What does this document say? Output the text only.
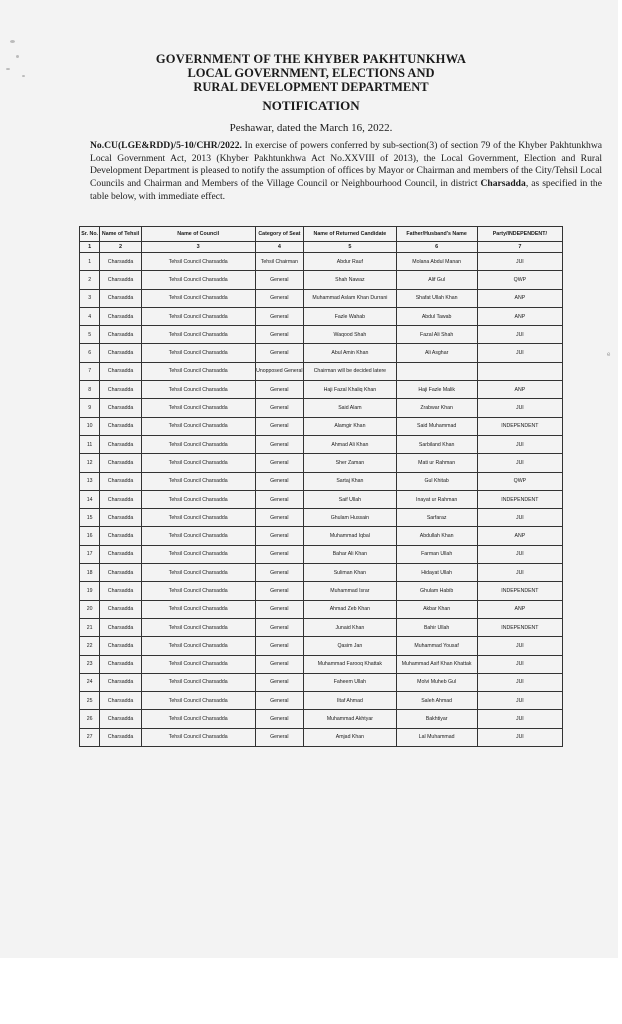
GOVERNMENT OF THE KHYBER PAKHTUNKHWA
LOCAL GOVERNMENT, ELECTIONS AND
RURAL DEVELOPMENT DEPARTMENT
NOTIFICATION
Peshawar, dated the March 16, 2022.
No.CU(LGE&RDD)/5-10/CHR/2022. In exercise of powers conferred by sub-section(3) of section 79 of the Khyber Pakhtunkhwa Local Government Act, 2013 (Khyber Pakhtunkhwa Act No.XXVIII of 2013), the Local Government, Election and Rural Development Department is pleased to notify the assumption of offices by Mayor or Chairman and members of the City/Tehsil Local Councils and Chairman and Members of the Village Council or Neighbourhood Council, in district Charsadda, as specified in the table below, with immediate effect.
Sr. No.	Name of Tehsil	Name of Council	Category of Seat	Name of Returned Candidate	Father/Husband's Name	Party/INDEPENDENT/
1	2	3	4	5	6	7
1	Charsadda	Tehsil Council Charsadda	Tehsil Chairman	Abdur Rauf	Molana Abdul Manan	JUI
2	Charsadda	Tehsil Council Charsadda	General	Shah Nawaz	Alif Gul	QWP
3	Charsadda	Tehsil Council Charsadda	General	Muhammad Aslam Khan Durrani	Shafat Ullah Khan	ANP
4	Charsadda	Tehsil Council Charsadda	General	Fazle Wahab	Abdul Tawab	ANP
5	Charsadda	Tehsil Council Charsadda	General	Waqood Shah	Fazal Ali Shah	JUI
6	Charsadda	Tehsil Council Charsadda	General	Abul Amin Khan	Ali Asghar	JUI
7	Charsadda	Tehsil Council Charsadda	Unopposed General	Chairman will be decided latere		
8	Charsadda	Tehsil Council Charsadda	General	Haji Fazal Khaliq Khan	Haji Fazle Malik	ANP
9	Charsadda	Tehsil Council Charsadda	General	Said Alam	Zrabwar Khan	JUI
10	Charsadda	Tehsil Council Charsadda	General	Alamgir Khan	Said Muhammad	INDEPENDENT
11	Charsadda	Tehsil Council Charsadda	General	Ahmad Ali Khan	Sarbiland Khan	JUI
12	Charsadda	Tehsil Council Charsadda	General	Sher Zaman	Mati ur Rahman	JUI
13	Charsadda	Tehsil Council Charsadda	General	Sartaj Khan	Gul Khitab	QWP
14	Charsadda	Tehsil Council Charsadda	General	Saif Ullah	Inayat ur Rahman	INDEPENDENT
15	Charsadda	Tehsil Council Charsadda	General	Ghulam Hussain	Sarfaraz	JUI
16	Charsadda	Tehsil Council Charsadda	General	Muhammad Iqbal	Abdullah Khan	ANP
17	Charsadda	Tehsil Council Charsadda	General	Bahar Ali Khan	Farman Ullah	JUI
18	Charsadda	Tehsil Council Charsadda	General	Suliman Khan	Hidayat Ullah	JUI
19	Charsadda	Tehsil Council Charsadda	General	Muhammad Israr	Ghulam Habib	INDEPENDENT
20	Charsadda	Tehsil Council Charsadda	General	Ahmad Zeb Khan	Akbar Khan	ANP
21	Charsadda	Tehsil Council Charsadda	General	Junaid Khan	Bahir Ullah	INDEPENDENT
22	Charsadda	Tehsil Council Charsadda	General	Qasim Jan	Muhammad Yousaf	JUI
23	Charsadda	Tehsil Council Charsadda	General	Muhammad Farooq Khattak	Muhammad Asif Khan Khattak	JUI
24	Charsadda	Tehsil Council Charsadda	General	Faheem Ullah	Molvi Muheb Gul	JUI
25	Charsadda	Tehsil Council Charsadda	General	Iltaf Ahmad	Saleh Ahmad	JUI
26	Charsadda	Tehsil Council Charsadda	General	Muhammad Akhtyar	Bakhtiyar	JUI
27	Charsadda	Tehsil Council Charsadda	General	Amjad Khan	Lal Muhammad	JUI
e
